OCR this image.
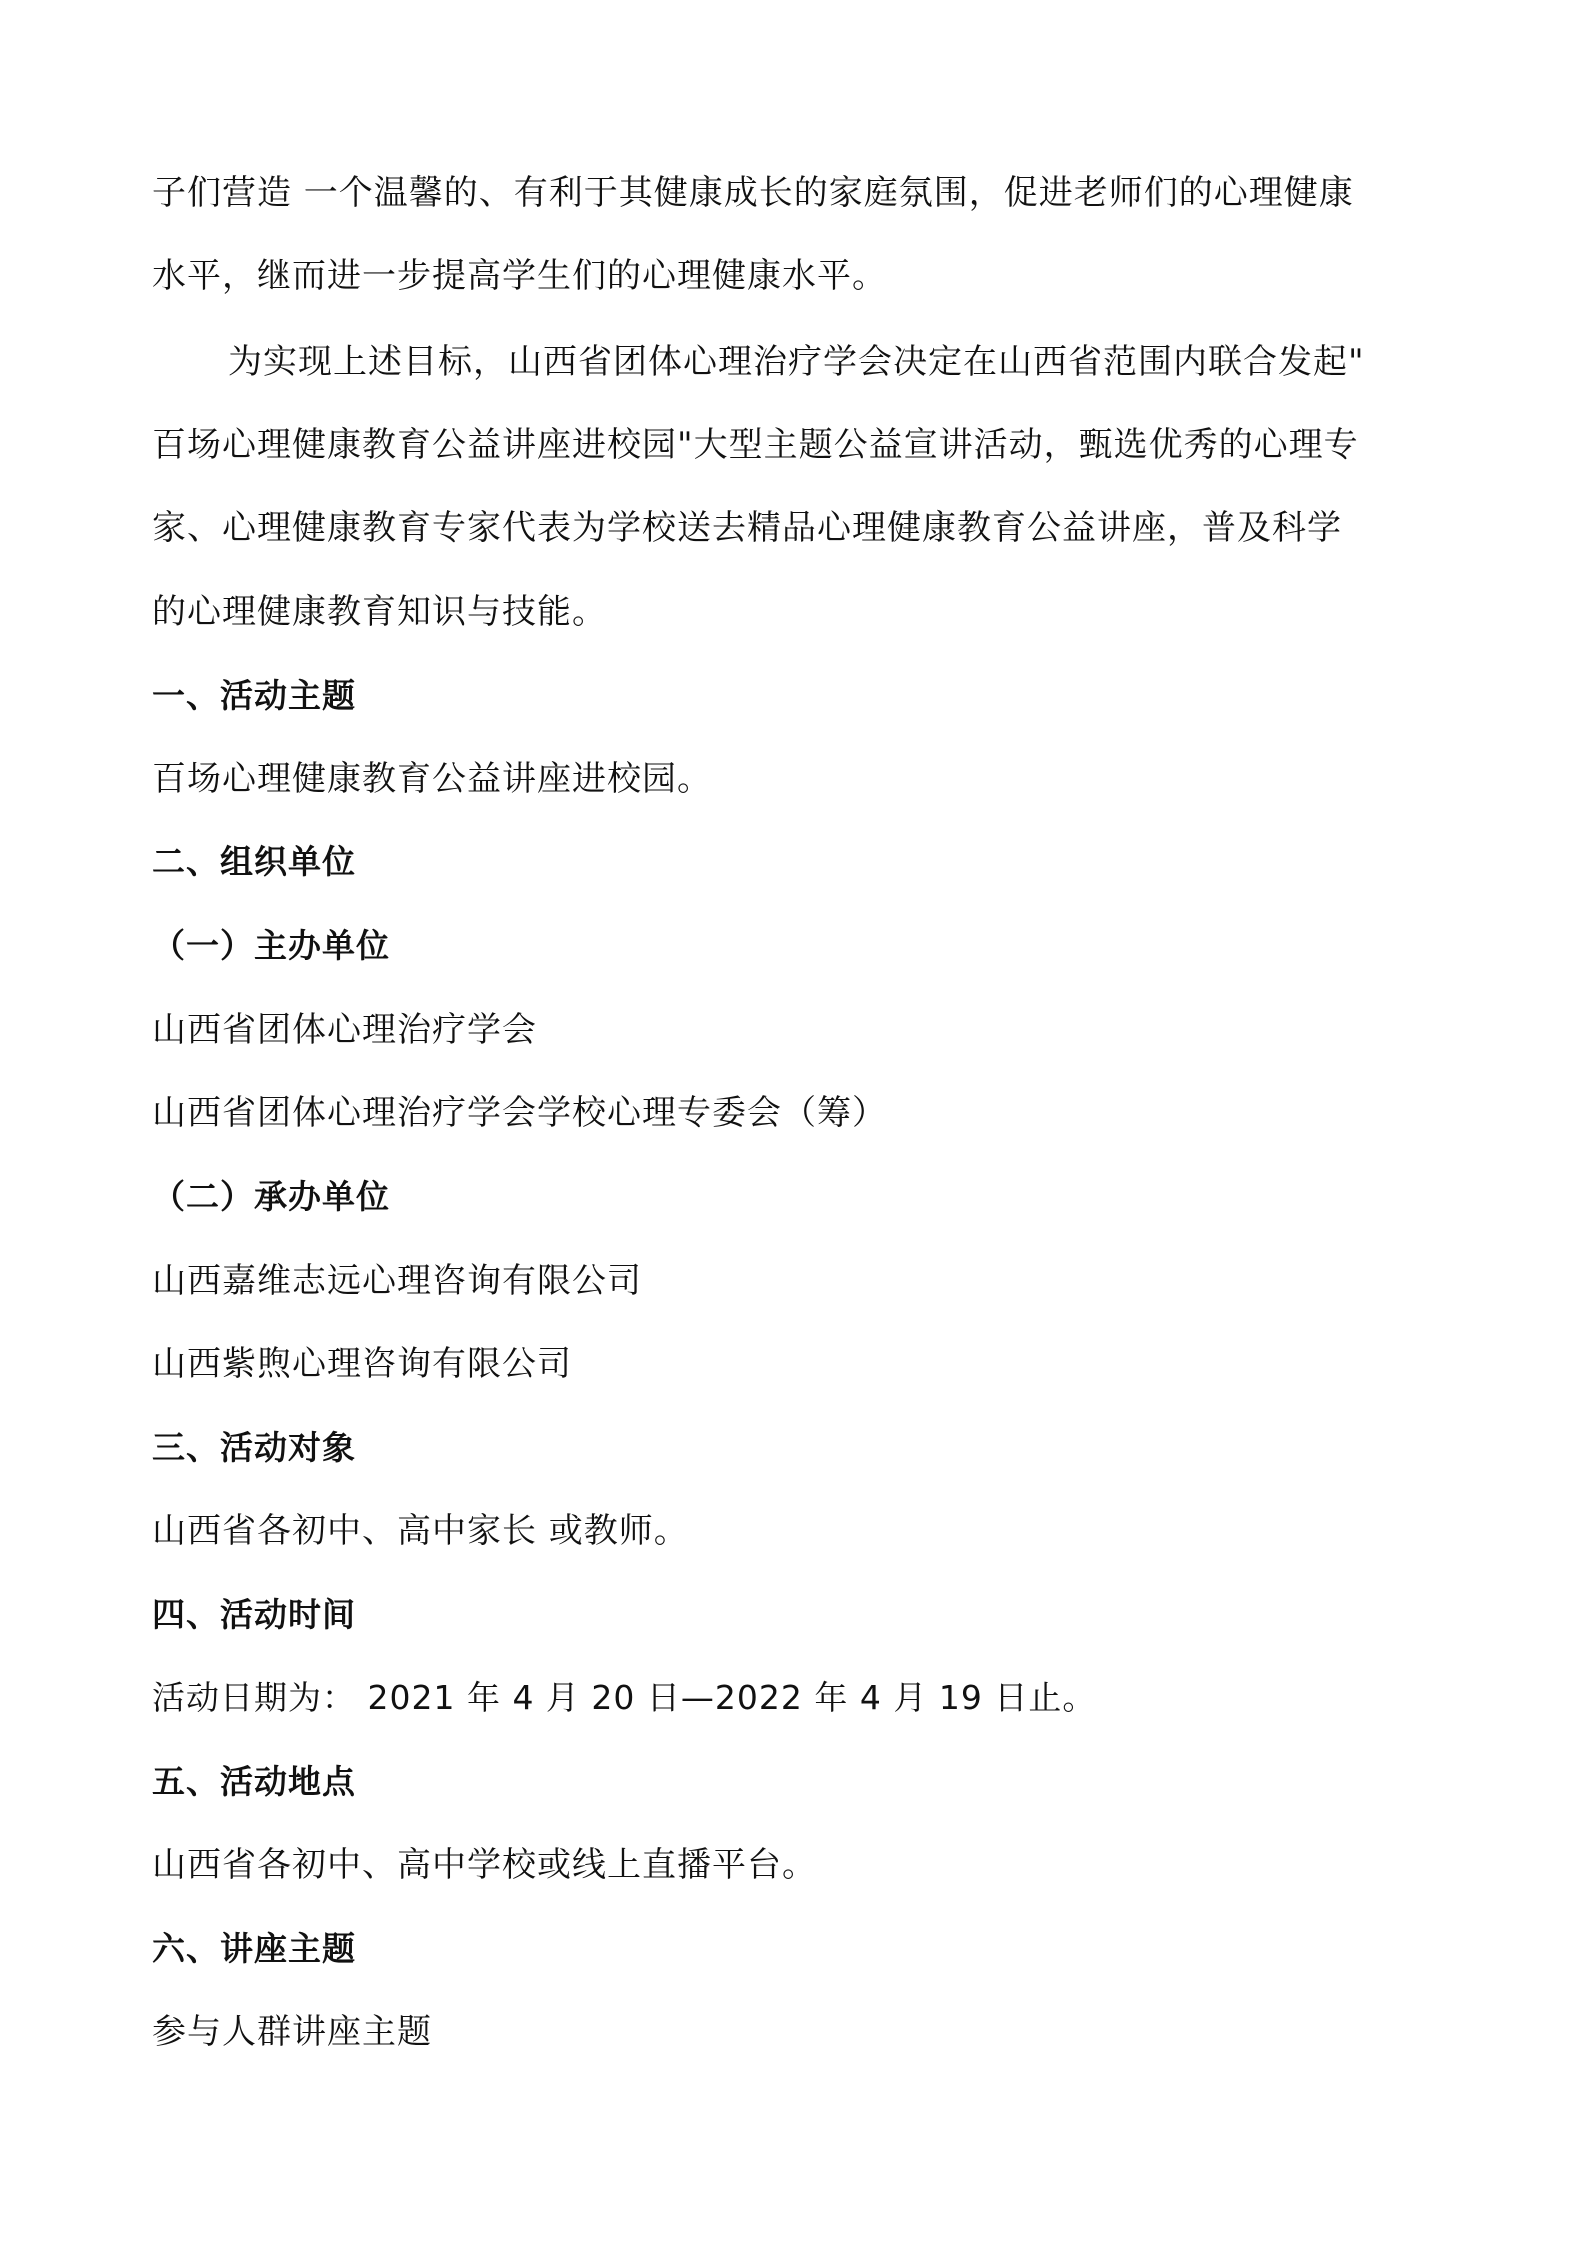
子们营造 一个温馨的、有利于其健康成长的家庭氛围，促进老师们的心理健康
水平，继而进一步提高学生们的心理健康水平。
为实现上述目标，山西省团体心理治疗学会决定在山西省范围内联合发起"
百场心理健康教育公益讲座进校园"大型主题公益宣讲活动，甄选优秀的心理专
家、心理健康教育专家代表为学校送去精品心理健康教育公益讲座，普及科学
的心理健康教育知识与技能。
一、活动主题
百场心理健康教育公益讲座进校园。
二、组织单位
（一）主办单位
山西省团体心理治疗学会
山西省团体心理治疗学会学校心理专委会（筹）
（二）承办单位
山西嘉维志远心理咨询有限公司
山西紫煦心理咨询有限公司
三、活动对象
山西省各初中、高中家长 或教师。
四、活动时间
活动日期为： 2021 年 4 月 20 日—2022 年 4 月 19 日止。
五、活动地点
山西省各初中、高中学校或线上直播平台。
六、讲座主题
参与人群讲座主题
